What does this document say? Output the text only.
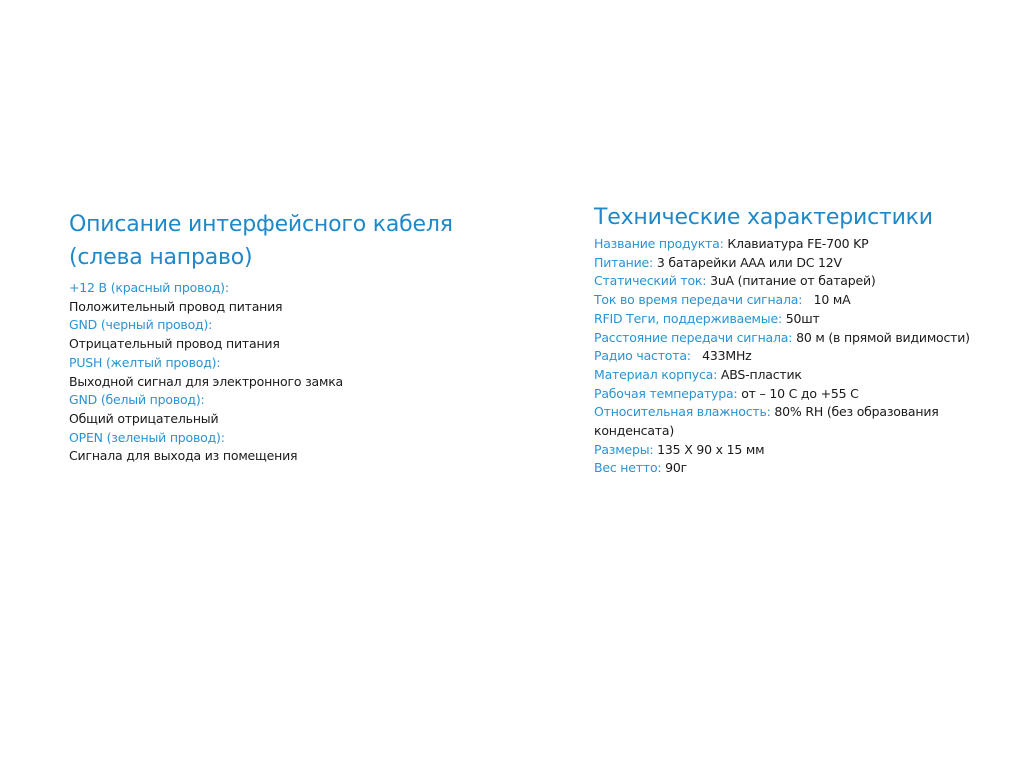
Описание интерфейсного кабеля
(слева направо)
+12 В (красный провод):
Положительный провод питания
GND (черный провод):
Отрицательный провод питания
PUSH (желтый провод):
Выходной сигнал для электронного замка
GND (белый провод):
Общий отрицательный
OPEN (зеленый провод):
Сигнала для выхода из помещения
Технические характеристики
Название продукта: Клавиатура FE-700 KP
Питание: 3 батарейки ААА или DC 12V
Статический ток: 3uA (питание от батарей)
Ток во время передачи сигнала:   10 мА
RFID Теги, поддерживаемые: 50шт
Расстояние передачи сигнала: 80 м (в прямой видимости)
Радио частота:   433MHz
Материал корпуса: ABS-пластик
Рабочая температура: от – 10 С до +55 С
Относительная влажность: 80% RH (без образования
конденсата)
Размеры: 135 X 90 x 15 мм
Вес нетто: 90г
